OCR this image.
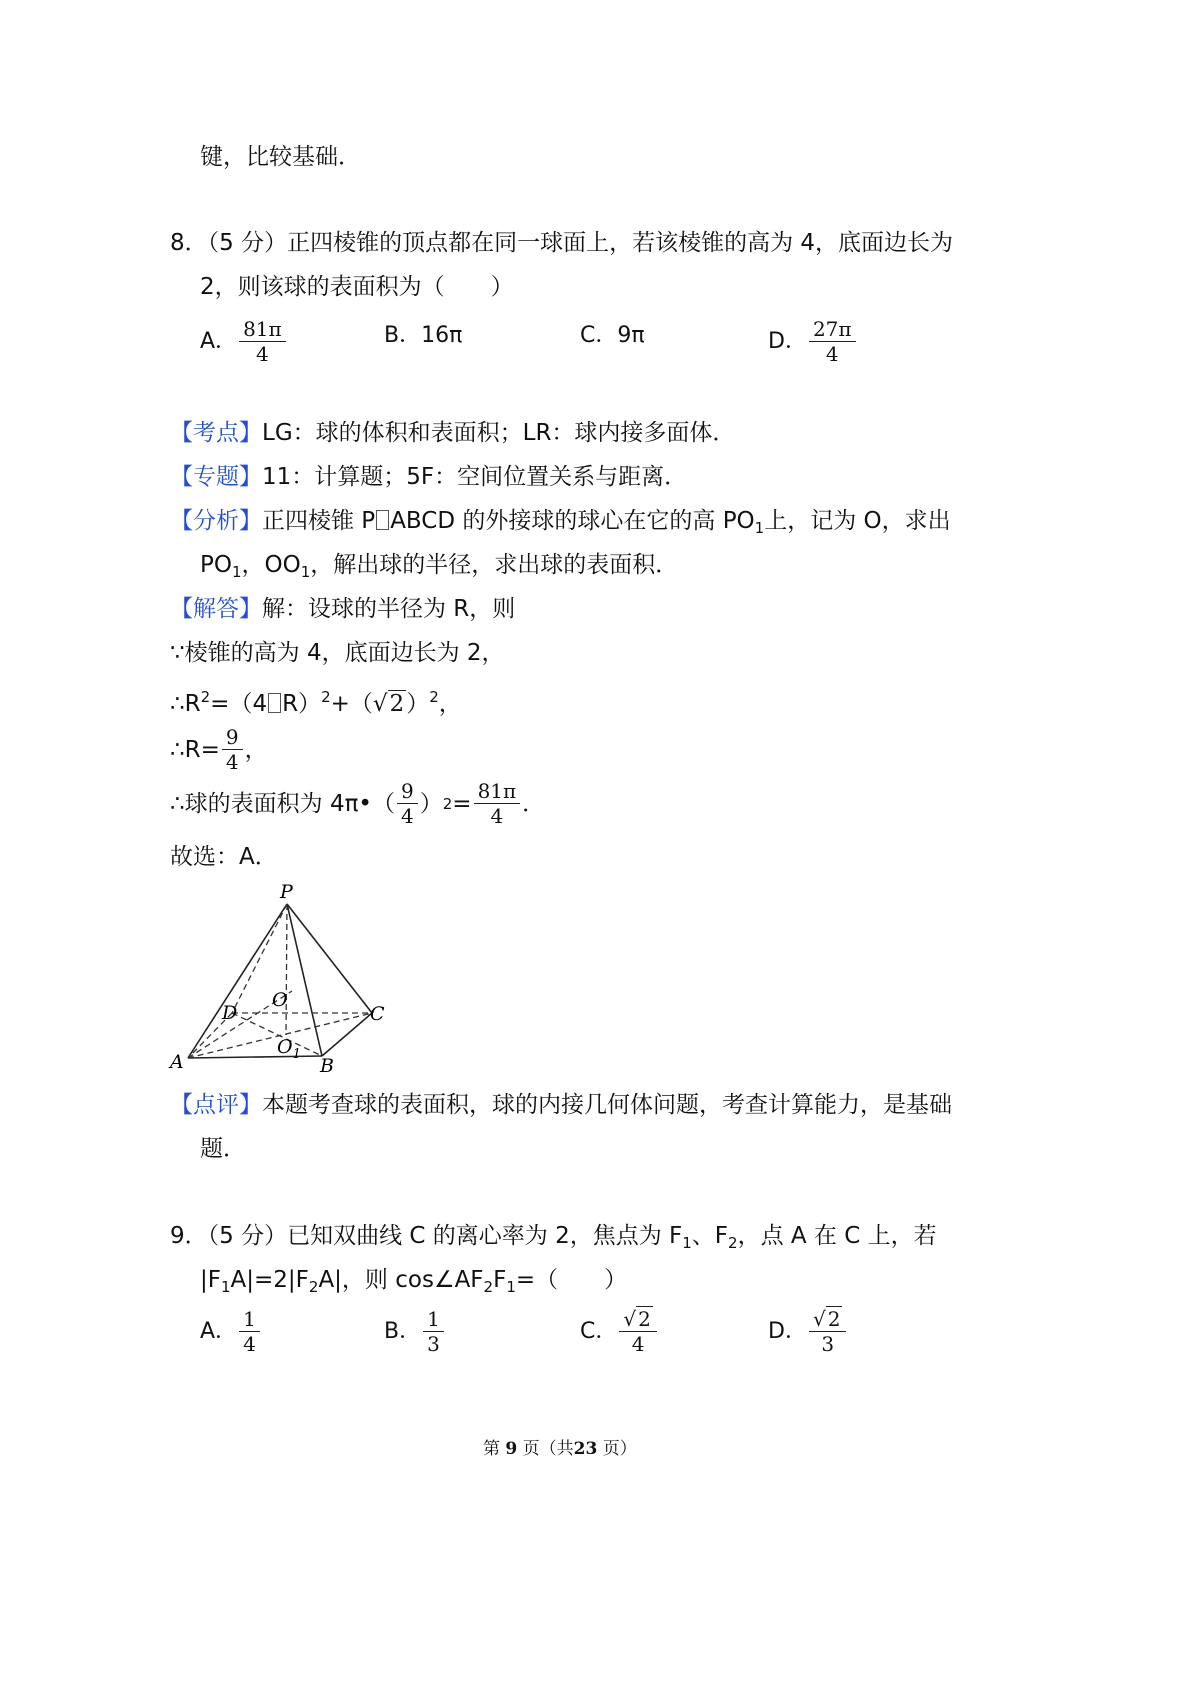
键，比较基础．
8．（5 分）正四棱锥的顶点都在同一球面上，若该棱锥的高为 4，底面边长为
2，则该球的表面积为（　　）
A． $\frac{81\pi}{4}$	B． 16π	C． 9π	D． $\frac{27\pi}{4}$
【考点】LG：球的体积和表面积；LR：球内接多面体．
【专题】11：计算题；5F：空间位置关系与距离．
【分析】正四棱锥 P ABCD 的外接球的球心在它的高 $PO_1$上，记为 O，求出
$PO_1$，$OO_1$，解出球的半径，求出球的表面积．
【解答】解：设球的半径为 R，则
∵棱锥的高为 4，底面边长为 2，
$\therefore R^2=(4$ $R)^2+(√2)^2$，
∴R= $\frac{9}{4}$ ，
∴球的表面积为 4π•（ $\frac{9}{4}$ ） $2 = \frac{81\pi}{4}$ ．
故选：A．
P
O
D	C
A	B
$O_1$
【点评】本题考查球的表面积，球的内接几何体问题，考查计算能力，是基础
题．
9．（5 分）已知双曲线 C 的离心率为 2，焦点为 $F_1$、$F_2$，点 A 在 C 上，若
$|F_1A|=2|F_2A|$，则 $\cos\angle AF_2F_1=$（　　）
A． $\frac{1}{4}$	B． $\frac{1}{3}$	C． $\frac{√ 2}{4}$	D． $\frac{√ 2}{3}$
第 9 页（共23 页）
